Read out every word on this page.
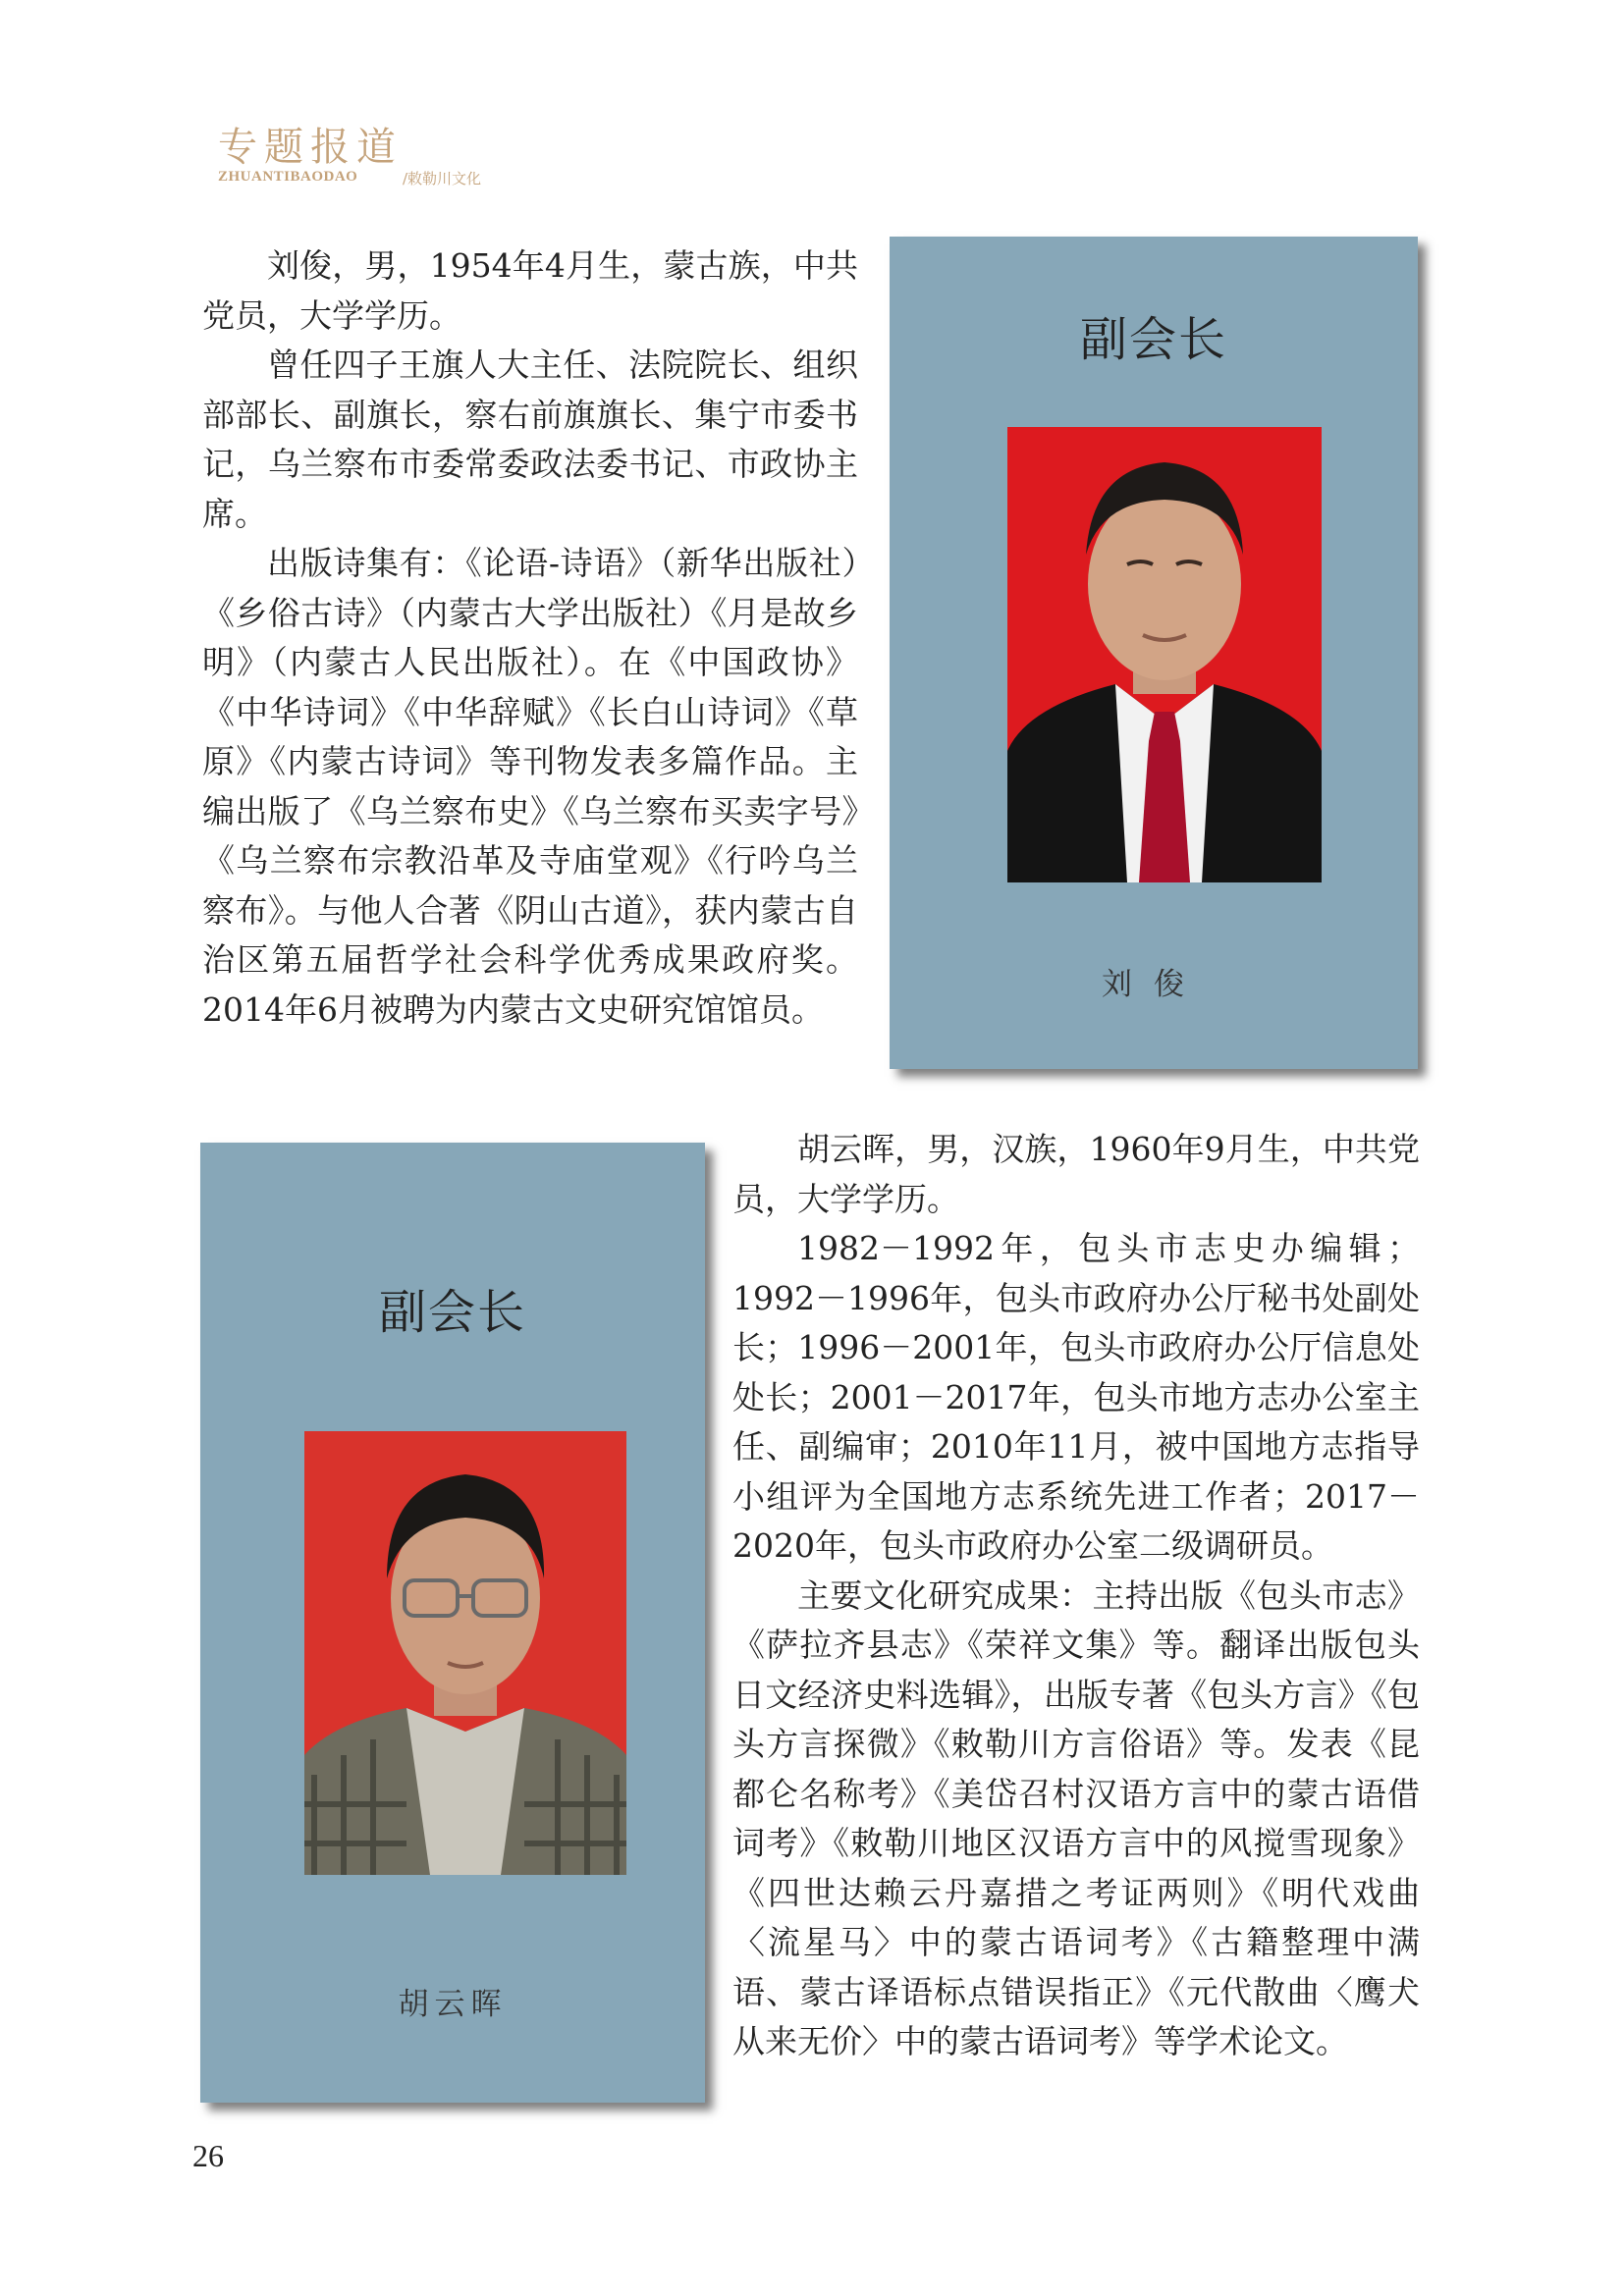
专题报道
ZHUANTIBAODAO	/敕勒川文化

刘俊，男，1954年4月生，蒙古族，中共党员，大学学历。

曾任四子王旗人大主任、法院院长、组织部部长、副旗长，察右前旗旗长、集宁市委书记，乌兰察布市委常委政法委书记、市政协主席。

出版诗集有：《论语-诗语》（新华出版社）《乡俗古诗》（内蒙古大学出版社）《月是故乡明》（内蒙古人民出版社）。在《中国政协》《中华诗词》《中华辞赋》《长白山诗词》《草原》《内蒙古诗词》等刊物发表多篇作品。主编出版了《乌兰察布史》《乌兰察布买卖字号》《乌兰察布宗教沿革及寺庙堂观》《行吟乌兰察布》。与他人合著《阴山古道》，获内蒙古自治区第五届哲学社会科学优秀成果政府奖。2014年6月被聘为内蒙古文史研究馆馆员。

副会长
刘俊
副会长
胡云晖

胡云晖，男，汉族，1960年9月生，中共党员，大学学历。

1982－1992年，包头市志史办编辑；1992－1996年，包头市政府办公厅秘书处副处长；1996－2001年，包头市政府办公厅信息处处长；2001－2017年，包头市地方志办公室主任、副编审；2010年11月，被中国地方志指导小组评为全国地方志系统先进工作者；2017－2020年，包头市政府办公室二级调研员。

主要文化研究成果：主持出版《包头市志》《萨拉齐县志》《荣祥文集》等。翻译出版包头日文经济史料选辑》，出版专著《包头方言》《包头方言探微》《敕勒川方言俗语》等。发表《昆都仑名称考》《美岱召村汉语方言中的蒙古语借词考》《敕勒川地区汉语方言中的风搅雪现象》《四世达赖云丹嘉措之考证两则》《明代戏曲〈流星马〉中的蒙古语词考》《古籍整理中满语、蒙古译语标点错误指正》《元代散曲〈鹰犬从来无价〉中的蒙古语词考》等学术论文。

26
